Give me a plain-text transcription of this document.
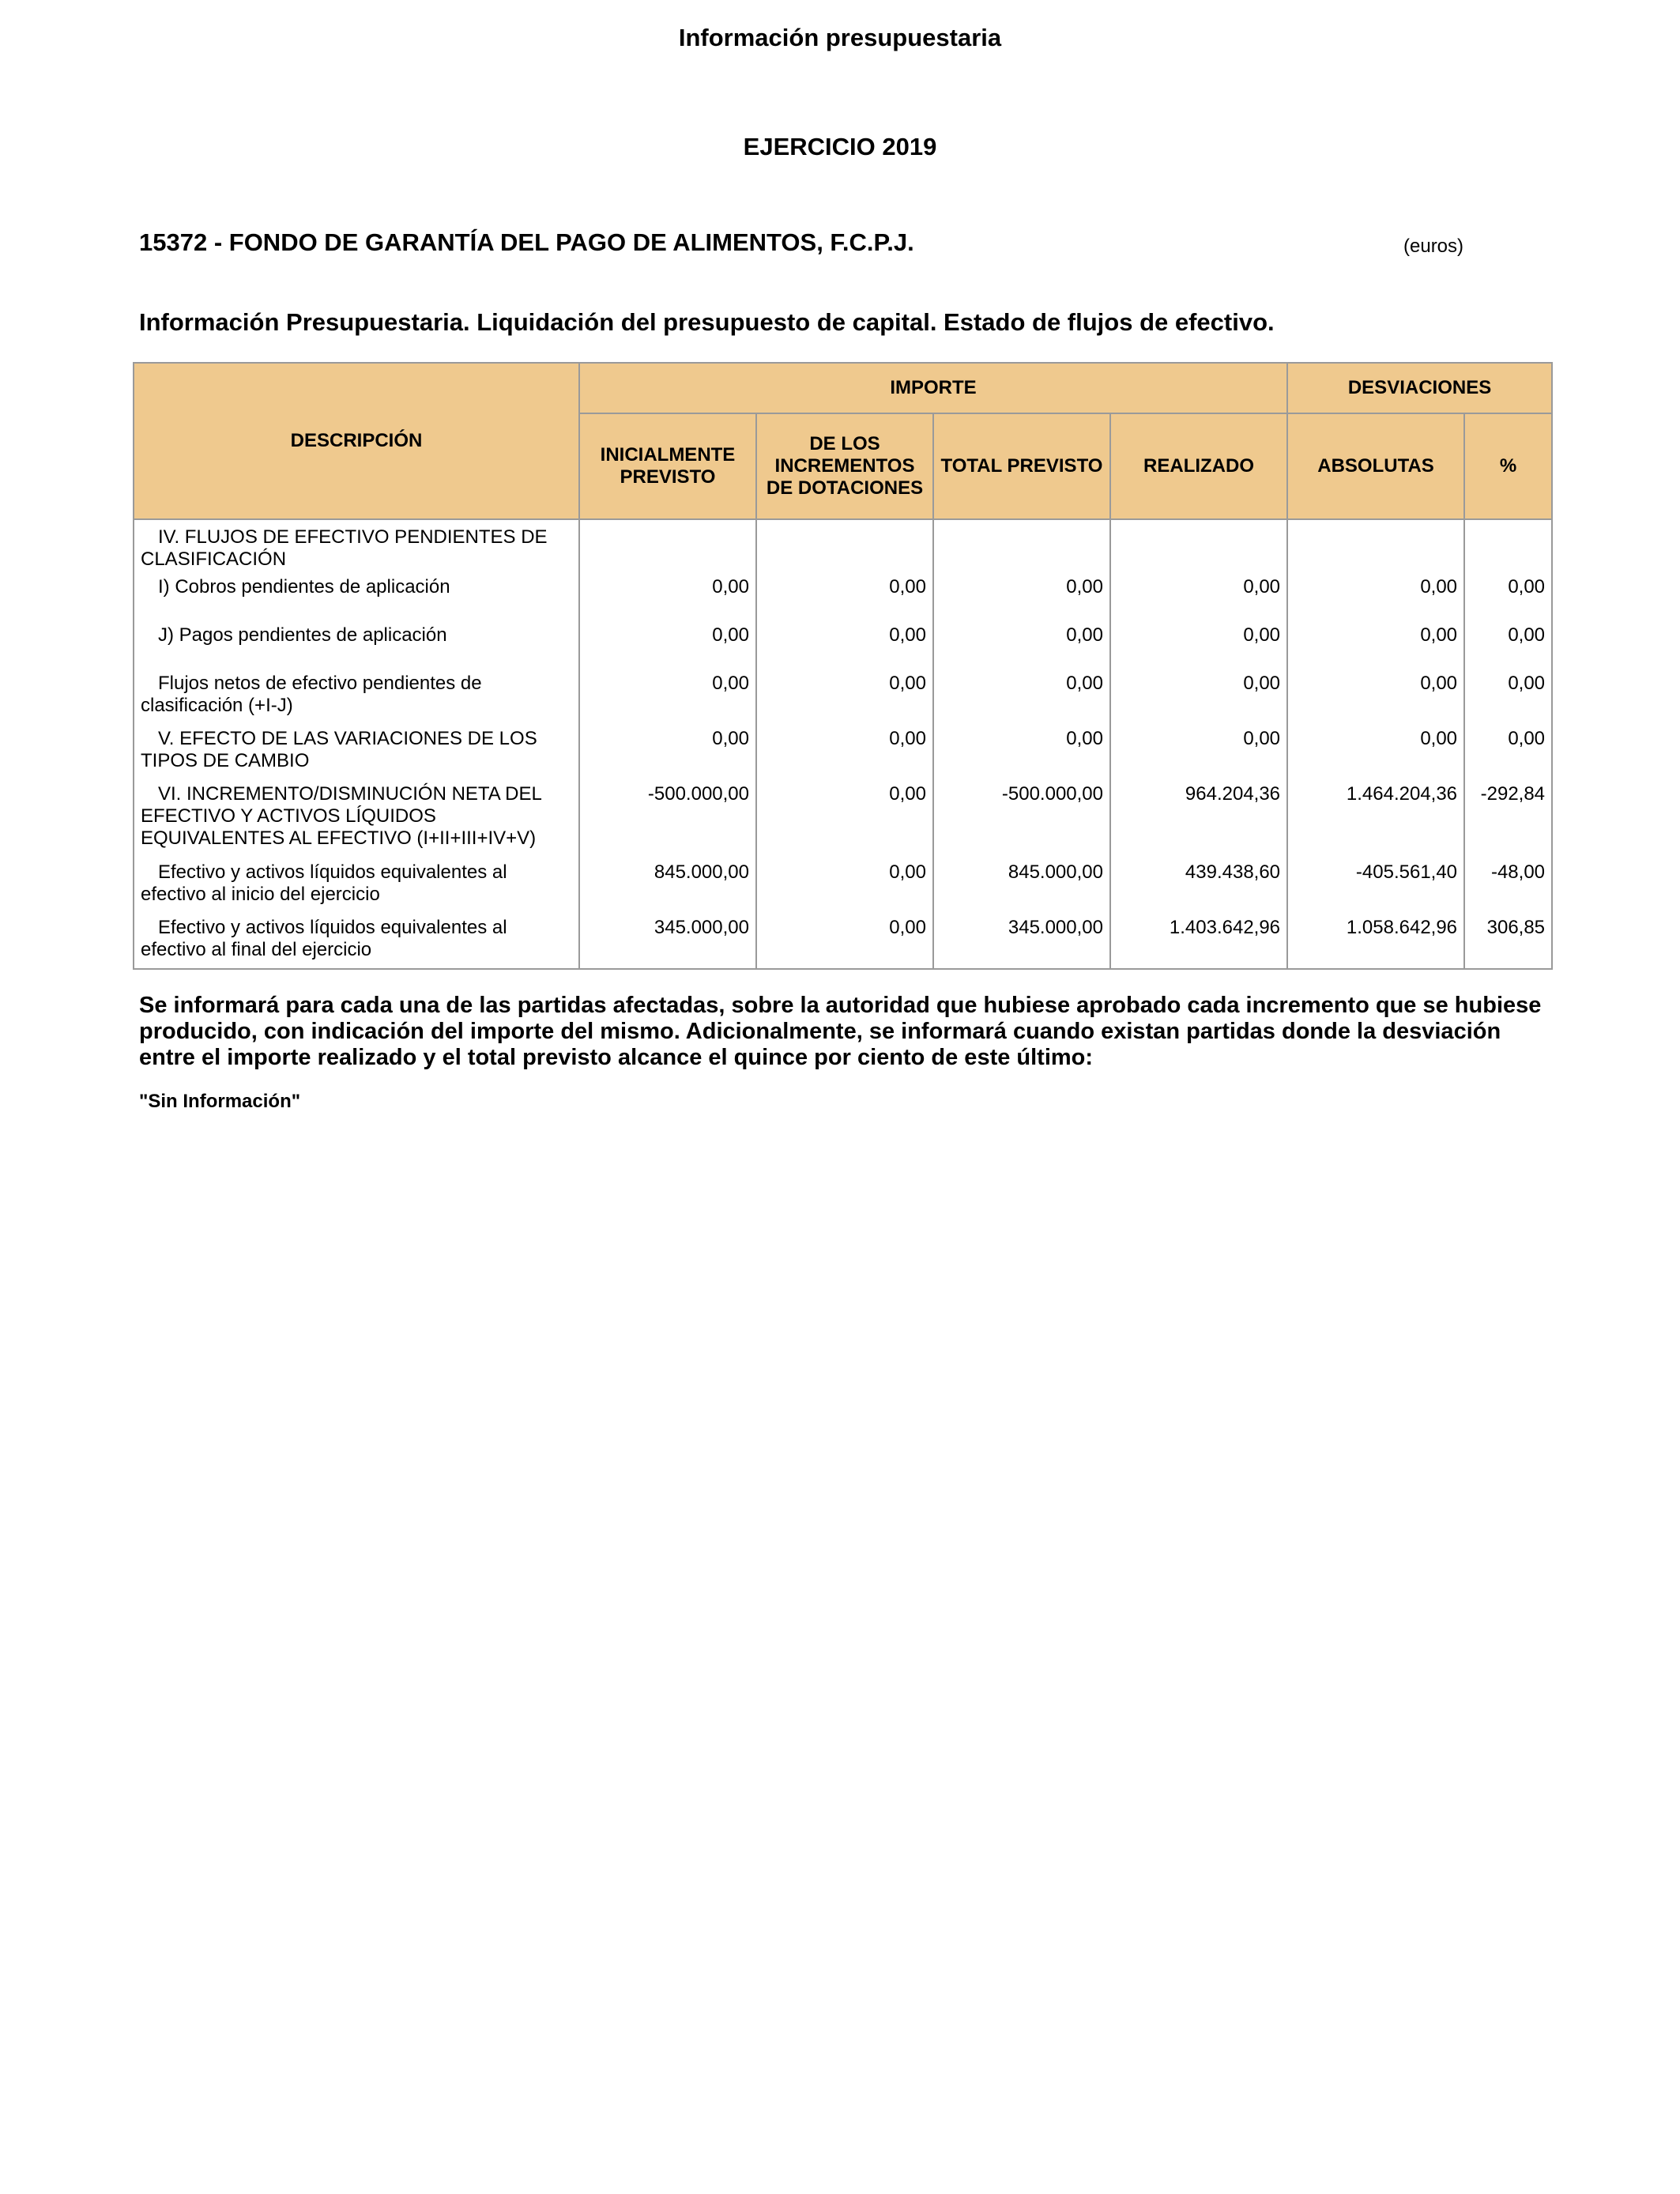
Información presupuestaria
EJERCICIO 2019
15372 - FONDO DE GARANTÍA DEL PAGO DE ALIMENTOS, F.C.P.J.	(euros)
Información Presupuestaria. Liquidación del presupuesto de capital. Estado de flujos de efectivo.
DESCRIPCIÓN	IMPORTE				DESVIACIONES	
	INICIALMENTE PREVISTO	DE LOS INCREMENTOS DE DOTACIONES	TOTAL PREVISTO	REALIZADO	ABSOLUTAS	%
IV. FLUJOS DE EFECTIVO PENDIENTES DE CLASIFICACIÓN						
I) Cobros pendientes de aplicación	0,00	0,00	0,00	0,00	0,00	0,00
J) Pagos pendientes de aplicación	0,00	0,00	0,00	0,00	0,00	0,00
Flujos netos de efectivo pendientes de clasificación (+I-J)	0,00	0,00	0,00	0,00	0,00	0,00
V. EFECTO DE LAS VARIACIONES DE LOS TIPOS DE CAMBIO	0,00	0,00	0,00	0,00	0,00	0,00
VI. INCREMENTO/DISMINUCIÓN NETA DEL EFECTIVO Y ACTIVOS LÍQUIDOS EQUIVALENTES AL EFECTIVO (I+II+III+IV+V)	-500.000,00	0,00	-500.000,00	964.204,36	1.464.204,36	-292,84
Efectivo y activos líquidos equivalentes al efectivo al inicio del ejercicio	845.000,00	0,00	845.000,00	439.438,60	-405.561,40	-48,00
Efectivo y activos líquidos equivalentes al efectivo al final del ejercicio	345.000,00	0,00	345.000,00	1.403.642,96	1.058.642,96	306,85
Se informará para cada una de las partidas afectadas, sobre la autoridad que hubiese aprobado cada incremento que se hubiese producido, con indicación del importe del mismo. Adicionalmente, se informará cuando existan partidas donde la desviación entre el importe realizado y el total previsto alcance el quince por ciento de este último:
"Sin Información"
